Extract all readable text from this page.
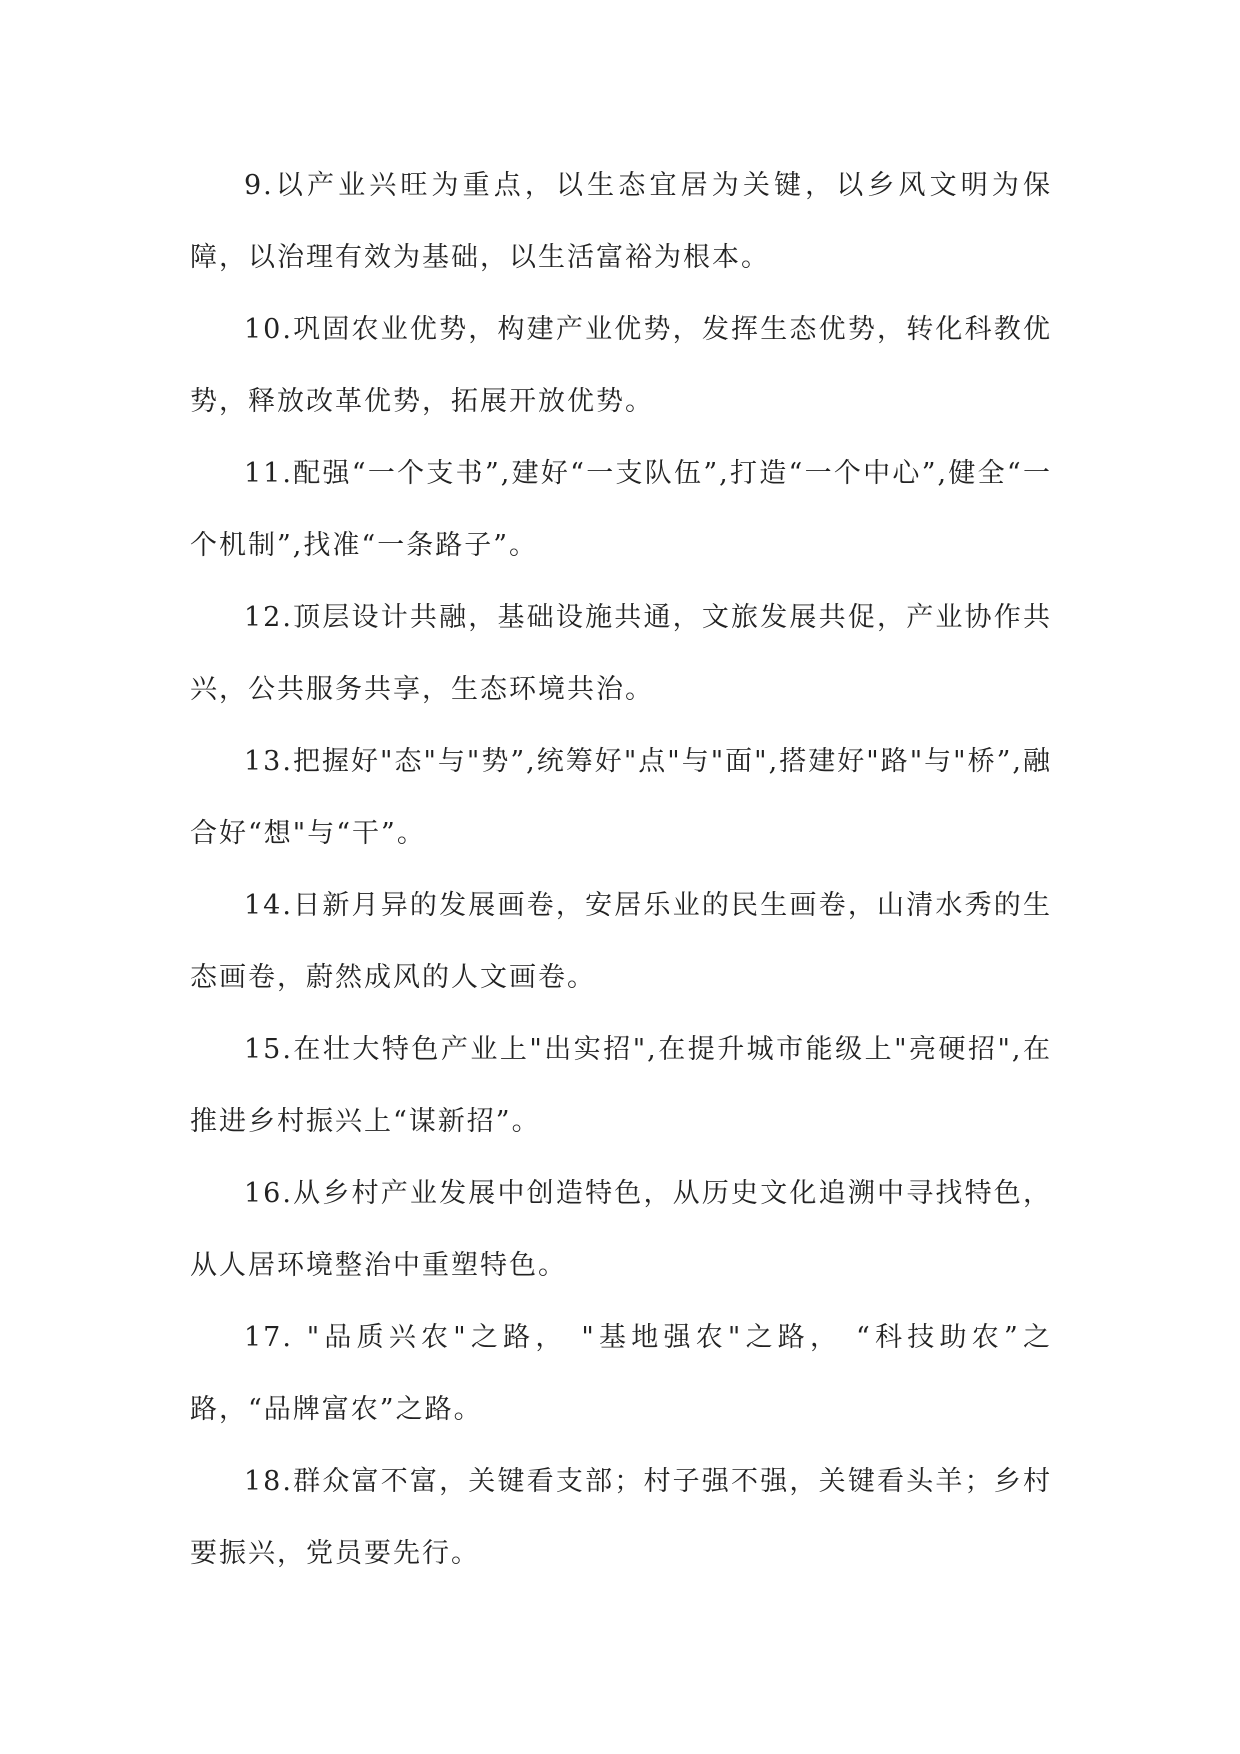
9.以产业兴旺为重点，以生态宜居为关键，以乡风文明为保障，以治理有效为基础，以生活富裕为根本。

10.巩固农业优势，构建产业优势，发挥生态优势，转化科教优势，释放改革优势，拓展开放优势。

11.配强“一个支书”,建好“一支队伍”,打造“一个中心”,健全“一个机制”,找准“一条路子”。

12.顶层设计共融，基础设施共通，文旅发展共促，产业协作共兴，公共服务共享，生态环境共治。

13.把握好"态"与"势”,统筹好"点"与"面",搭建好"路"与"桥”,融合好“想"与“干”。

14.日新月异的发展画卷，安居乐业的民生画卷，山清水秀的生态画卷，蔚然成风的人文画卷。

15.在壮大特色产业上"出实招",在提升城市能级上"亮硬招",在推进乡村振兴上“谋新招”。

16.从乡村产业发展中创造特色，从历史文化追溯中寻找特色，从人居环境整治中重塑特色。

17. "品质兴农"之路， "基地强农"之路， “科技助农”之路，“品牌富农”之路。

18.群众富不富，关键看支部；村子强不强，关键看头羊；乡村要振兴，党员要先行。
